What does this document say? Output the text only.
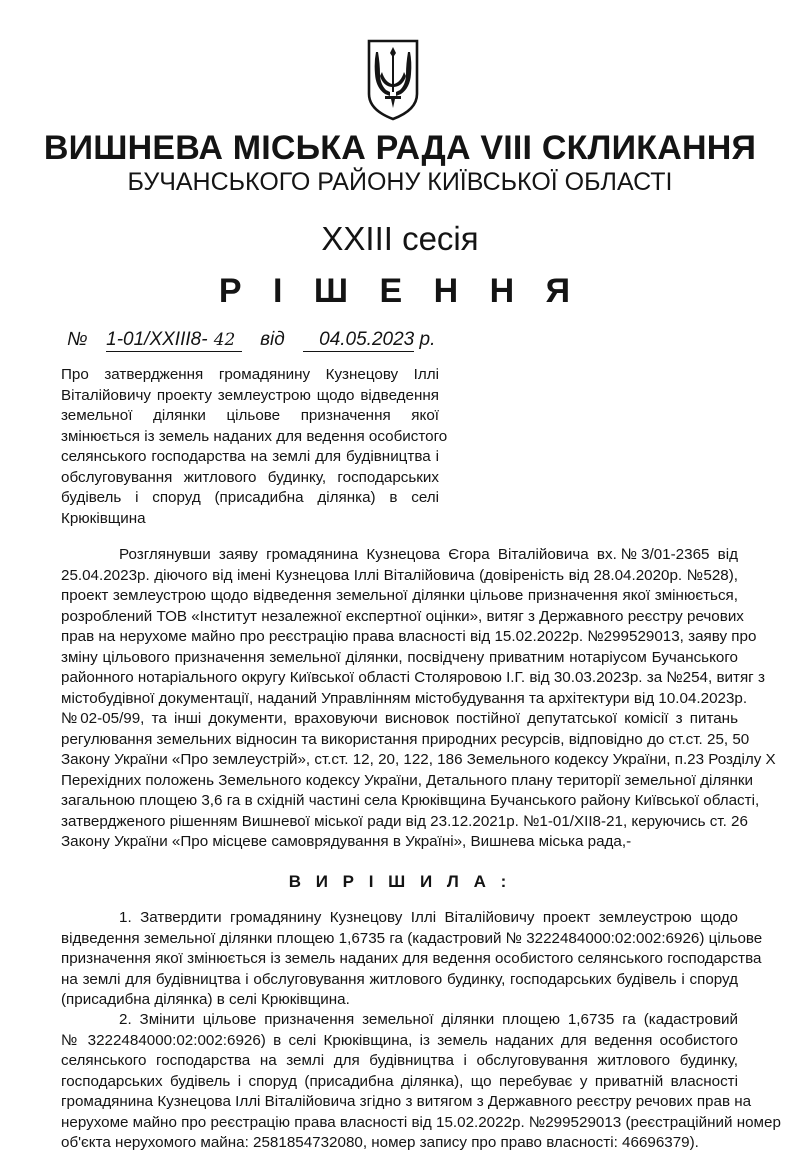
ВИШНЕВА МІСЬКА РАДА VIII СКЛИКАННЯ
БУЧАНСЬКОГО РАЙОНУ КИЇВСЬКОЇ ОБЛАСТІ
XXIII сесія
Р І Ш Е Н Н Я
№ 1-01/XXIII8- 42 від 04.05.2023 р.
Про затвердження громадянину Кузнецову Іллі
Віталійовичу проекту землеустрою щодо відведення
земельної ділянки цільове призначення якої
змінюється із земель наданих для ведення особистого
селянського господарства на землі для будівництва і
обслуговування житлового будинку, господарських
будівель і споруд (присадибна ділянка) в селі
Крюківщина
Розглянувши заяву громадянина Кузнецова Єгора Віталійовича вх.№3/01-2365 від
25.04.2023р. діючого від імені Кузнецова Іллі Віталійовича (довіреність від 28.04.2020р. №528),
проект землеустрою щодо відведення земельної ділянки цільове призначення якої змінюється,
розроблений ТОВ «Інститут незалежної експертної оцінки», витяг з Державного реєстру речових
прав на нерухоме майно про реєстрацію права власності від 15.02.2022р. №299529013, заяву про
зміну цільового призначення земельної ділянки, посвідчену приватним нотаріусом Бучанського
районного нотаріального округу Київської області Столяровою І.Г. від 30.03.2023р. за №254, витяг з
містобудівної документації, наданий Управлінням містобудування та архітектури від 10.04.2023р.
№02-05/99, та інші документи, враховуючи висновок постійної депутатської комісії з питань
регулювання земельних відносин та використання природних ресурсів, відповідно до ст.ст. 25, 50
Закону України «Про землеустрій», ст.ст. 12, 20, 122, 186 Земельного кодексу України, п.23 Розділу Х
Перехідних положень Земельного кодексу України, Детального плану території земельної ділянки
загальною площею 3,6 га в східній частині села Крюківщина Бучанського району Київської області,
затвердженого рішенням Вишневої міської ради від 23.12.2021р. №1-01/XII8-21, керуючись ст. 26
Закону України «Про місцеве самоврядування в Україні», Вишнева міська рада,-
В И Р І Ш И Л А :
1. Затвердити громадянину Кузнецову Іллі Віталійовичу проект землеустрою щодо
відведення земельної ділянки площею 1,6735 га (кадастровий № 3222484000:02:002:6926) цільове
призначення якої змінюється із земель наданих для ведення особистого селянського господарства
на землі для будівництва і обслуговування житлового будинку, господарських будівель і споруд
(присадибна ділянка) в селі Крюківщина.
2. Змінити цільове призначення земельної ділянки площею 1,6735 га (кадастровий
№ 3222484000:02:002:6926) в селі Крюківщина, із земель наданих для ведення особистого
селянського господарства на землі для будівництва і обслуговування житлового будинку,
господарських будівель і споруд (присадибна ділянка), що перебуває у приватній власності
громадянина Кузнецова Іллі Віталійовича згідно з витягом з Державного реєстру речових прав на
нерухоме майно про реєстрацію права власності від 15.02.2022р. №299529013 (реєстраційний номер
об'єкта нерухомого майна: 2581854732080, номер запису про право власності: 46696379).
